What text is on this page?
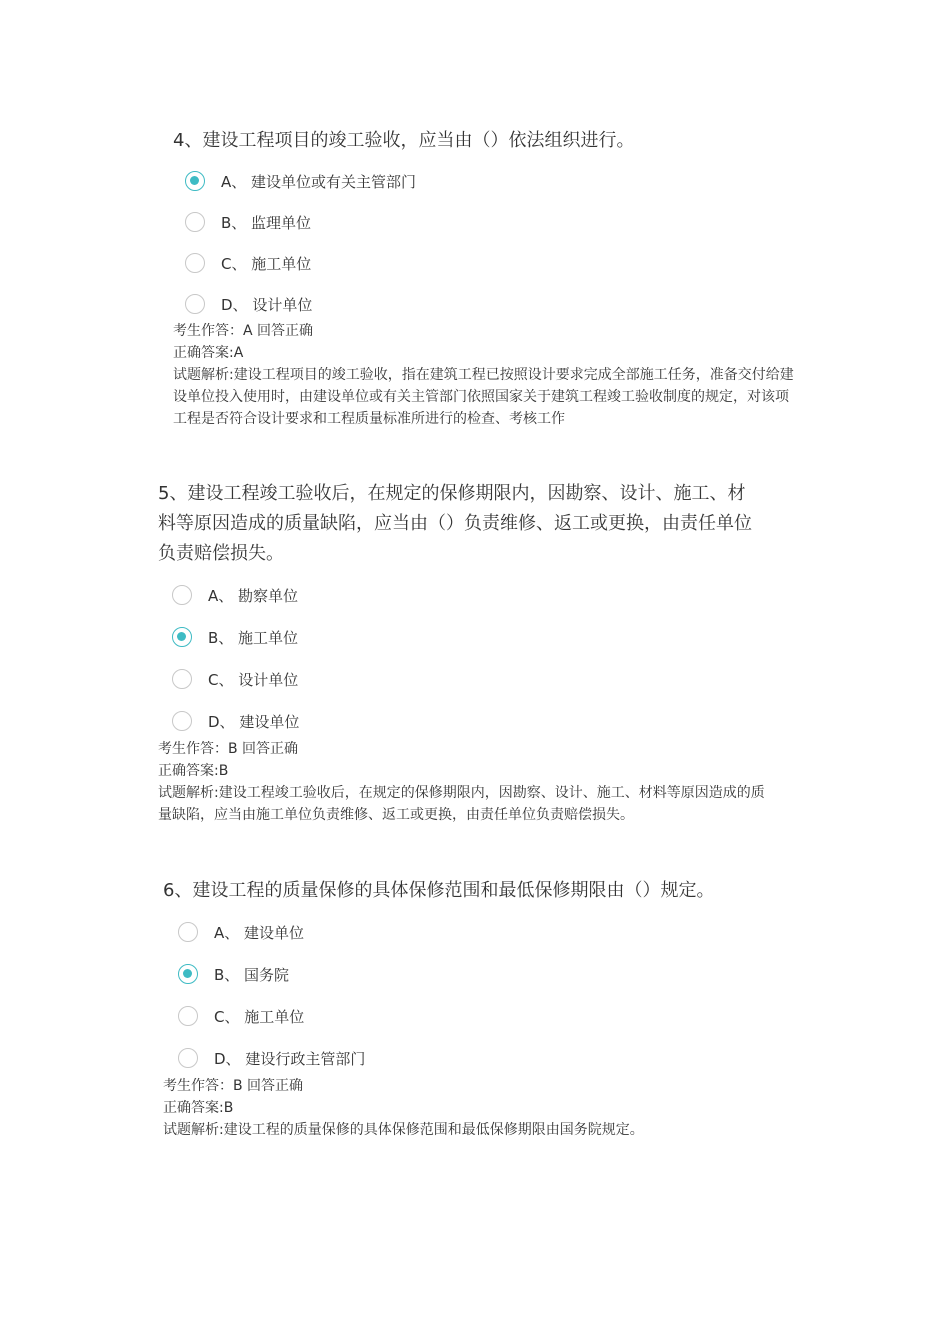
4、建设工程项目的竣工验收，应当由（）依法组织进行。
A、 建设单位或有关主管部门
B、 监理单位
C、 施工单位
D、 设计单位
考生作答：A 回答正确
正确答案:A
试题解析:建设工程项目的竣工验收，指在建筑工程已按照设计要求完成全部施工任务，准备交付给建设单位投入使用时，由建设单位或有关主管部门依照国家关于建筑工程竣工验收制度的规定，对该项工程是否符合设计要求和工程质量标准所进行的检查、考核工作
5、建设工程竣工验收后，在规定的保修期限内，因勘察、设计、施工、材料等原因造成的质量缺陷，应当由（）负责维修、返工或更换，由责任单位负责赔偿损失。
A、 勘察单位
B、 施工单位
C、 设计单位
D、 建设单位
考生作答：B 回答正确
正确答案:B
试题解析:建设工程竣工验收后，在规定的保修期限内，因勘察、设计、施工、材料等原因造成的质量缺陷，应当由施工单位负责维修、返工或更换，由责任单位负责赔偿损失。
6、建设工程的质量保修的具体保修范围和最低保修期限由（）规定。
A、 建设单位
B、 国务院
C、 施工单位
D、 建设行政主管部门
考生作答：B 回答正确
正确答案:B
试题解析:建设工程的质量保修的具体保修范围和最低保修期限由国务院规定。
